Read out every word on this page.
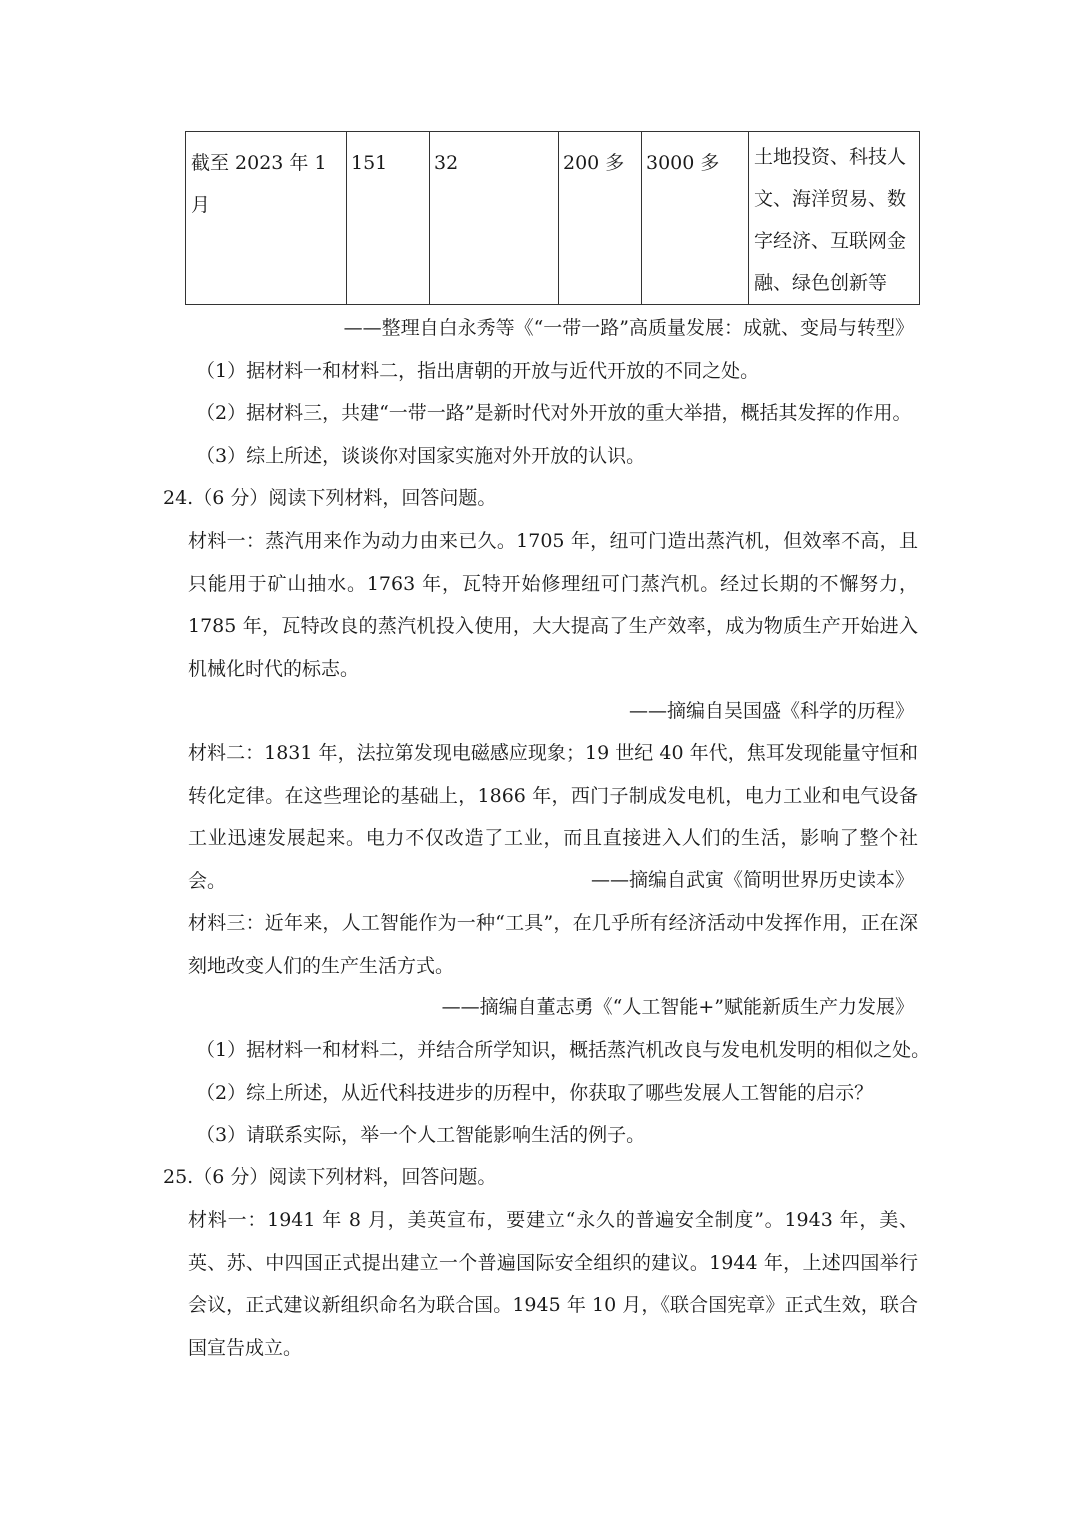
截至 2023 年 1 月	151	32	200 多	3000 多	土地投资、科技人文、海洋贸易、数字经济、互联网金融、绿色创新等
——整理自白永秀等《“一带一路”高质量发展：成就、变局与转型》
（1）据材料一和材料二，指出唐朝的开放与近代开放的不同之处。
（2）据材料三，共建“一带一路”是新时代对外开放的重大举措，概括其发挥的作用。
（3）综上所述，谈谈你对国家实施对外开放的认识。
24.（6 分）阅读下列材料，回答问题。
材料一：蒸汽用来作为动力由来已久。1705 年，纽可门造出蒸汽机，但效率不高，且只能用于矿山抽水。1763 年，瓦特开始修理纽可门蒸汽机。经过长期的不懈努力，1785 年，瓦特改良的蒸汽机投入使用，大大提高了生产效率，成为物质生产开始进入机械化时代的标志。
——摘编自吴国盛《科学的历程》
材料二：1831 年，法拉第发现电磁感应现象；19 世纪 40 年代，焦耳发现能量守恒和转化定律。在这些理论的基础上，1866 年，西门子制成发电机，电力工业和电气设备工业迅速发展起来。电力不仅改造了工业，而且直接进入人们的生活，影响了整个社会。	——摘编自武寅《简明世界历史读本》
材料三：近年来，人工智能作为一种“工具”，在几乎所有经济活动中发挥作用，正在深刻地改变人们的生产生活方式。
——摘编自董志勇《“人工智能+”赋能新质生产力发展》
（1）据材料一和材料二，并结合所学知识，概括蒸汽机改良与发电机发明的相似之处。
（2）综上所述，从近代科技进步的历程中，你获取了哪些发展人工智能的启示？
（3）请联系实际，举一个人工智能影响生活的例子。
25.（6 分）阅读下列材料，回答问题。
材料一：1941 年 8 月，美英宣布，要建立“永久的普遍安全制度”。1943 年，美、英、苏、中四国正式提出建立一个普遍国际安全组织的建议。1944 年，上述四国举行会议，正式建议新组织命名为联合国。1945 年 10 月，《联合国宪章》正式生效，联合国宣告成立。
